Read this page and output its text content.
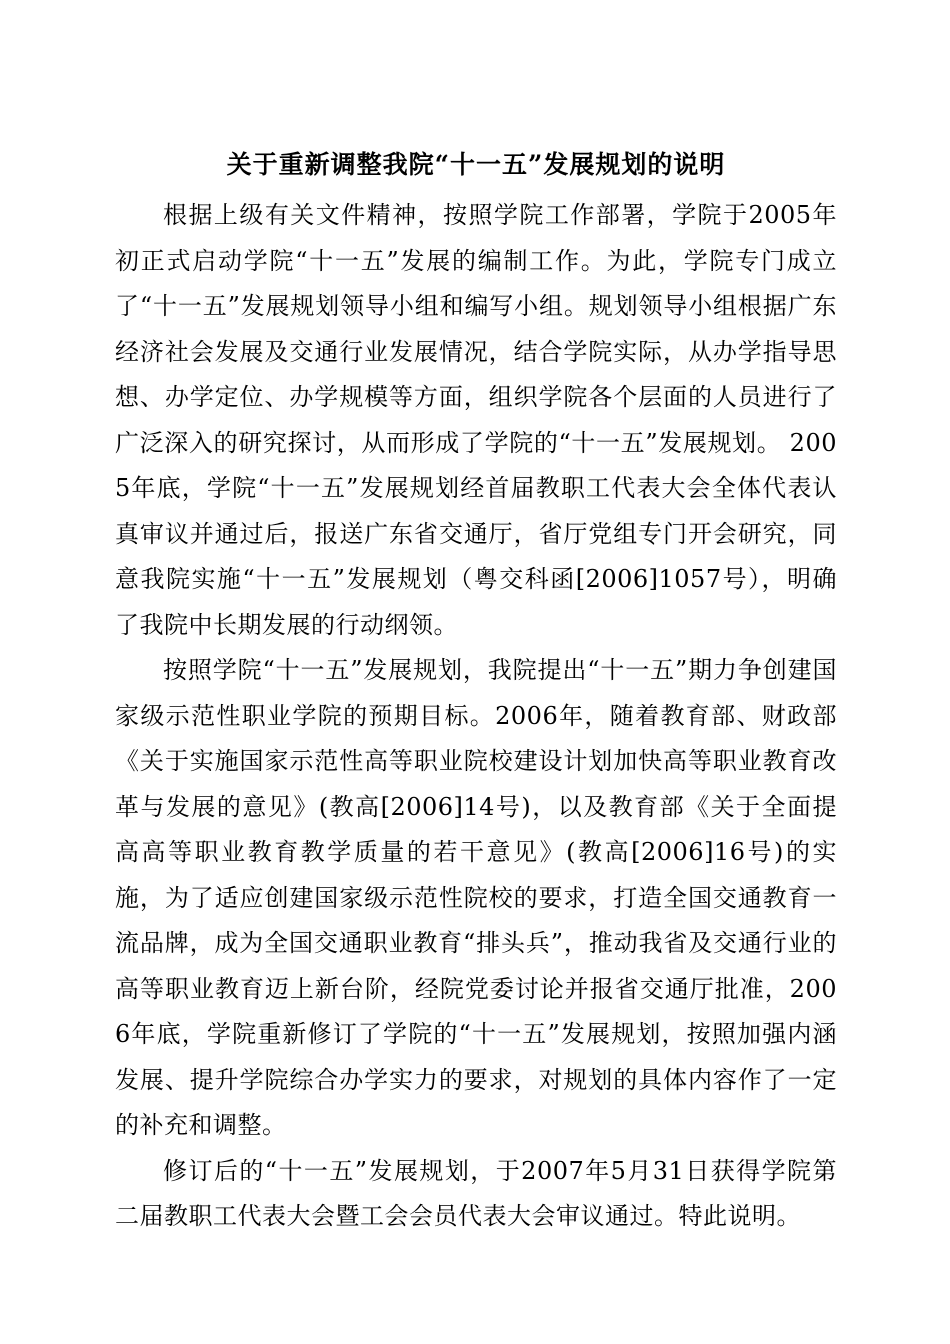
关于重新调整我院“十一五”发展规划的说明

根据上级有关文件精神，按照学院工作部署，学院于2005年初正式启动学院“十一五”发展的编制工作。为此，学院专门成立了“十一五”发展规划领导小组和编写小组。规划领导小组根据广东经济社会发展及交通行业发展情况，结合学院实际，从办学指导思想、办学定位、办学规模等方面，组织学院各个层面的人员进行了广泛深入的研究探讨，从而形成了学院的“十一五”发展规划。 2005年底，学院“十一五”发展规划经首届教职工代表大会全体代表认真审议并通过后，报送广东省交通厅，省厅党组专门开会研究，同意我院实施“十一五”发展规划（粤交科函[2006]1057号），明确了我院中长期发展的行动纲领。

按照学院“十一五”发展规划，我院提出“十一五”期力争创建国家级示范性职业学院的预期目标。2006年，随着教育部、财政部《关于实施国家示范性高等职业院校建设计划加快高等职业教育改革与发展的意见》(教高[2006]14号)，以及教育部《关于全面提高高等职业教育教学质量的若干意见》(教高[2006]16号)的实施，为了适应创建国家级示范性院校的要求，打造全国交通教育一流品牌，成为全国交通职业教育“排头兵”，推动我省及交通行业的高等职业教育迈上新台阶，经院党委讨论并报省交通厅批准，2006年底，学院重新修订了学院的“十一五”发展规划，按照加强内涵发展、提升学院综合办学实力的要求，对规划的具体内容作了一定的补充和调整。

修订后的“十一五”发展规划，于2007年5月31日获得学院第二届教职工代表大会暨工会会员代表大会审议通过。特此说明。
